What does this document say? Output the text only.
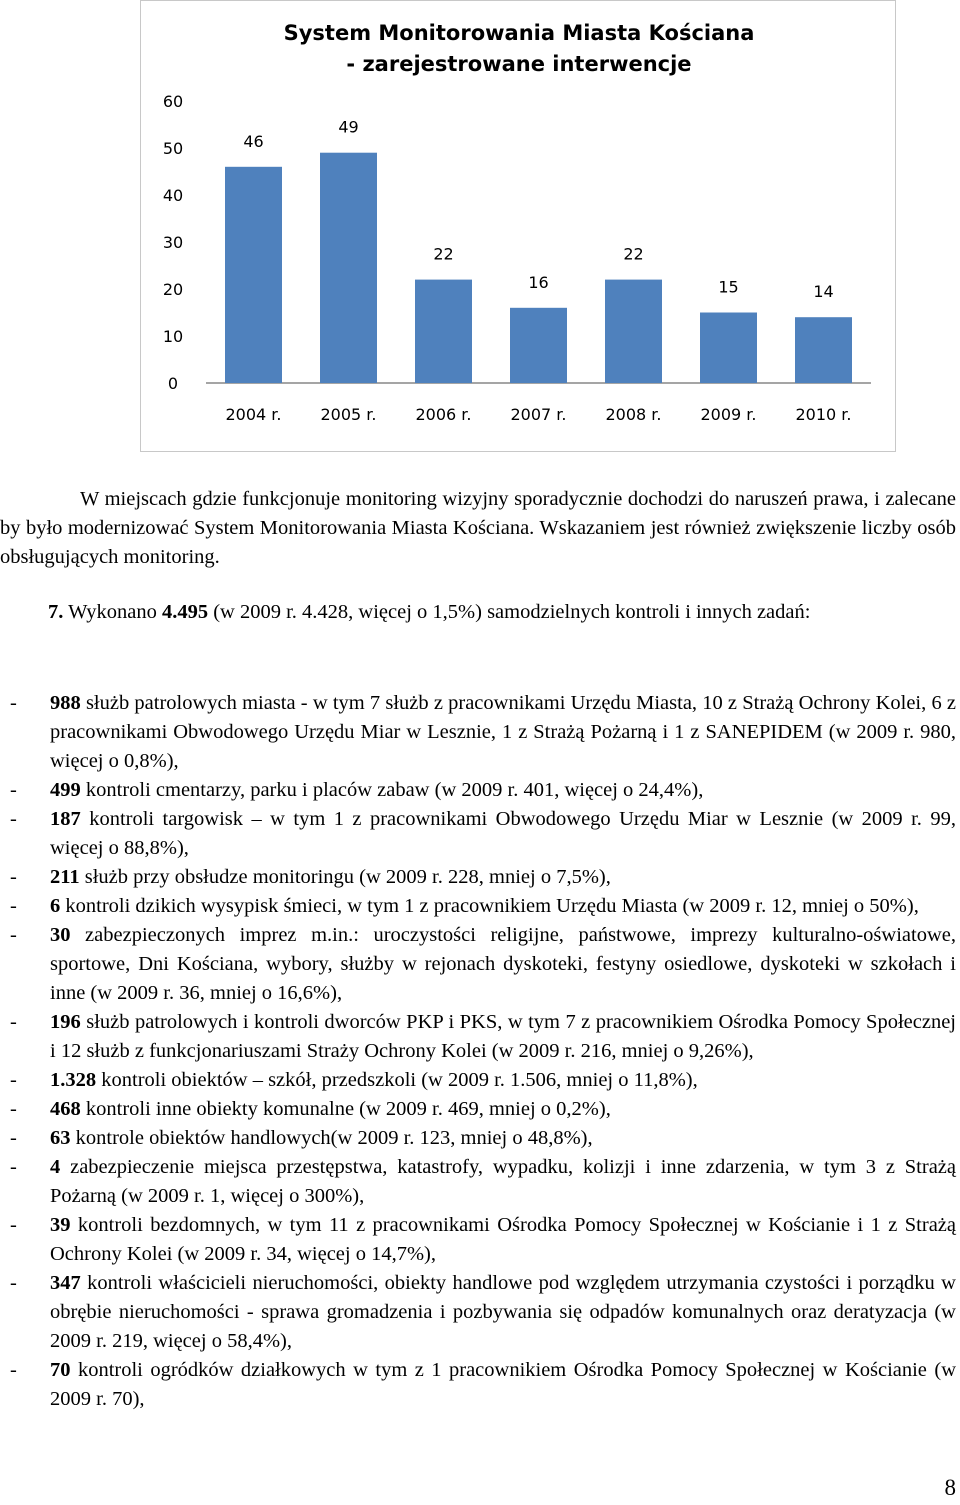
System Monitorowania Miasta Kościana
- zarejestrowane interwencje
0
10
20
30
40
50
60
46
2004 r.
49
2005 r.
22
2006 r.
16
2007 r.
22
2008 r.
15
2009 r.
14
2010 r.
W miejscach gdzie funkcjonuje monitoring wizyjny sporadycznie dochodzi do naruszeń prawa, i zalecane by było modernizować System Monitorowania Miasta Kościana. Wskazaniem jest również zwiększenie liczby osób obsługujących monitoring.
7. Wykonano 4.495 (w 2009 r. 4.428, więcej o 1,5%) samodzielnych kontroli i innych zadań:
- 988 służb patrolowych miasta - w tym 7 służb z pracownikami Urzędu Miasta, 10 z Strażą Ochrony Kolei, 6 z pracownikami Obwodowego Urzędu Miar w Lesznie, 1 z Strażą Pożarną i 1 z SANEPIDEM (w 2009 r. 980, więcej o 0,8%),
- 499 kontroli cmentarzy, parku i placów zabaw (w 2009 r. 401, więcej o 24,4%),
- 187 kontroli targowisk – w tym 1 z pracownikami Obwodowego Urzędu Miar w Lesznie (w 2009 r. 99, więcej o 88,8%),
- 211 służb przy obsłudze monitoringu (w 2009 r. 228, mniej o 7,5%),
- 6 kontroli dzikich wysypisk śmieci, w tym 1 z pracownikiem Urzędu Miasta (w 2009 r. 12, mniej o 50%),
- 30 zabezpieczonych imprez m.in.: uroczystości religijne, państwowe, imprezy kulturalno-oświatowe, sportowe, Dni Kościana, wybory, służby w rejonach dyskoteki, festyny osiedlowe, dyskoteki w szkołach i inne (w 2009 r. 36, mniej o 16,6%),
- 196 służb patrolowych i kontroli dworców PKP i PKS, w tym 7 z pracownikiem Ośrodka Pomocy Społecznej i 12 służb z funkcjonariuszami Straży Ochrony Kolei (w 2009 r. 216, mniej o 9,26%),
- 1.328 kontroli obiektów – szkół, przedszkoli (w 2009 r. 1.506, mniej o 11,8%),
- 468 kontroli inne obiekty komunalne (w 2009 r. 469, mniej o 0,2%),
- 63 kontrole obiektów handlowych(w 2009 r. 123, mniej o 48,8%),
- 4 zabezpieczenie miejsca przestępstwa, katastrofy, wypadku, kolizji i inne zdarzenia, w tym 3 z Strażą Pożarną (w 2009 r. 1, więcej o 300%),
- 39 kontroli bezdomnych, w tym 11 z pracownikami Ośrodka Pomocy Społecznej w Kościanie i 1 z Strażą Ochrony Kolei (w 2009 r. 34, więcej o 14,7%),
- 347 kontroli właścicieli nieruchomości, obiekty handlowe pod względem utrzymania czystości i porządku w obrębie nieruchomości - sprawa gromadzenia i pozbywania się odpadów komunalnych oraz deratyzacja (w 2009 r. 219, więcej o 58,4%),
- 70 kontroli ogródków działkowych w tym z 1 pracownikiem Ośrodka Pomocy Społecznej w Kościanie (w 2009 r. 70),
8
